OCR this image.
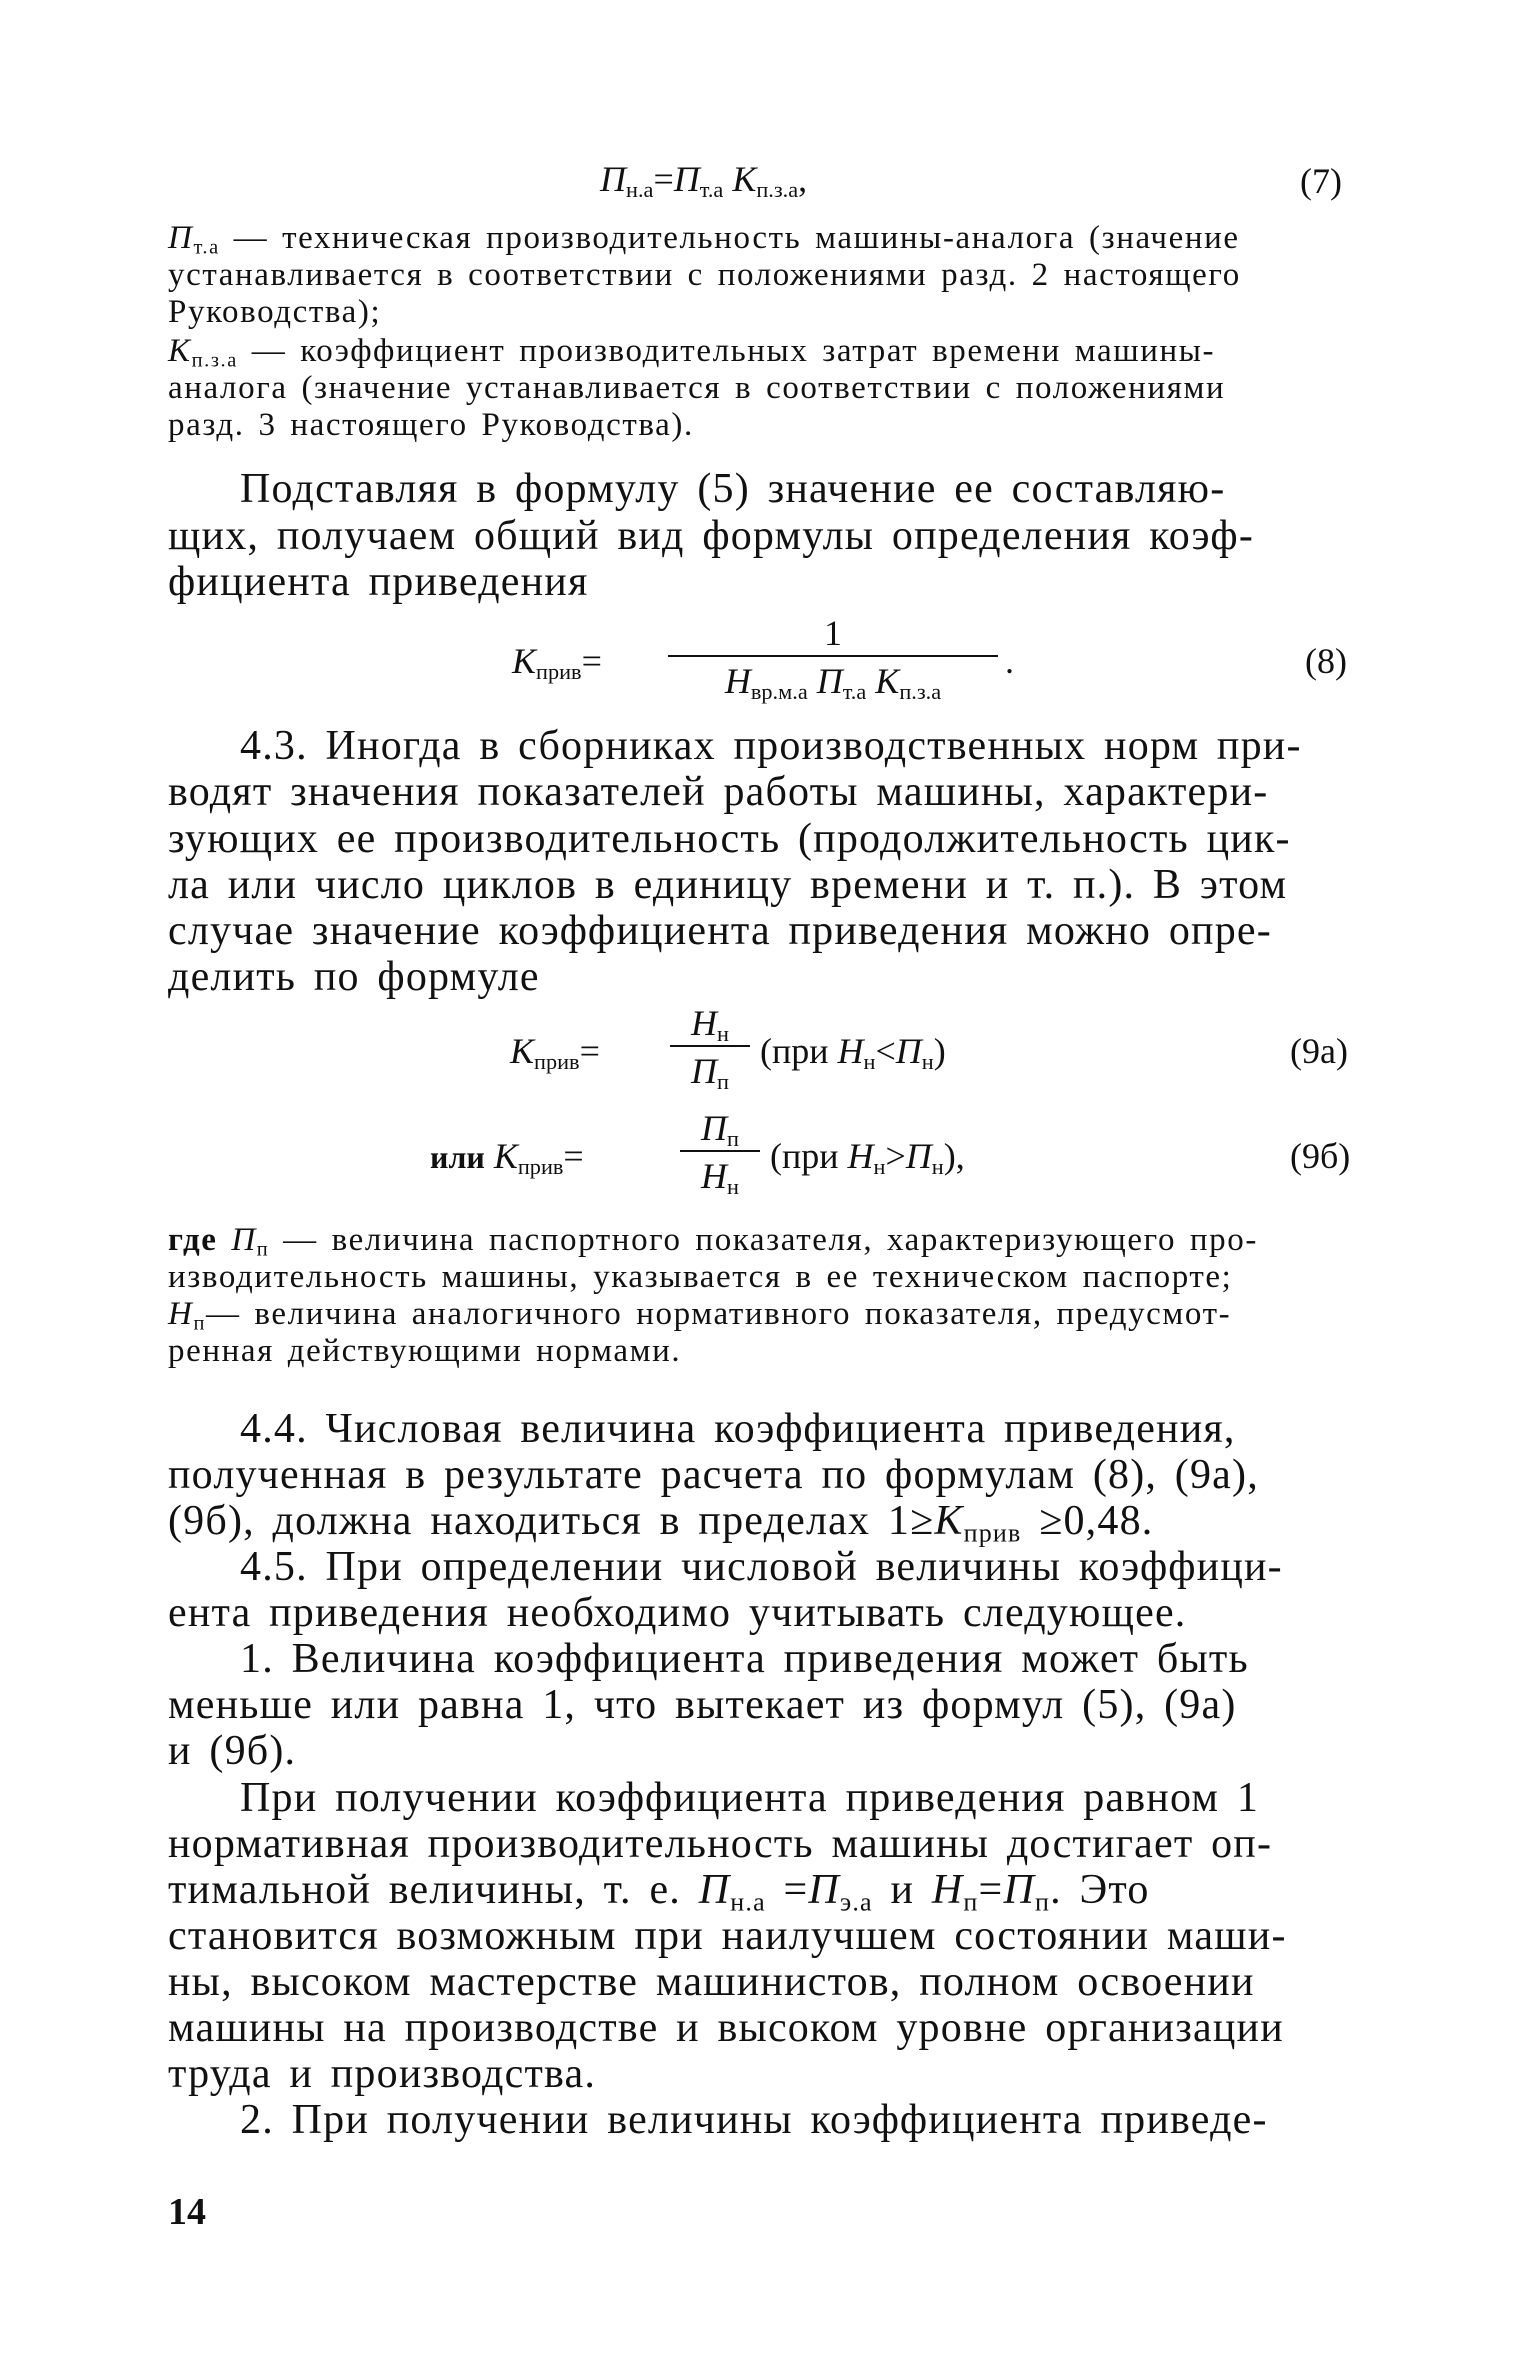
$П_{н.а}=П_{т.а}$ $K_{п.з.а}$,	(7)
$П_{т.а}$ — техническая производительность машины-аналога (значение
устанавливается в соответствии с положениями разд. 2 настоящего
Руководства);
$K_{п.з.а}$ — коэффициент производительных затрат времени машины-
аналога (значение устанавливается в соответствии с положениями
разд. 3 настоящего Руководства).
Подставляя в формулу (5) значение ее составляю-
щих, получаем общий вид формулы определения коэф-
фициента приведения
$K_{прив}=$
1
$Н_{вр.м.а}$ $П_{т.а}$ $K_{п.з.а}$
.	(8)
4.3. Иногда в сборниках производственных норм при-
водят значения показателей работы машины, характери-
зующих ее производительность (продолжительность цик-
ла или число циклов в единицу времени и т. п.). В этом
случае значение коэффициента приведения можно опре-
делить по формуле
$K_{прив}=$
$Н_н$
$П_п$
(при $Н_н<П_н$)	(9а)
или $K_{прив}=$
$П_п$
$Н_н$
(при $Н_н>П_н$),	(9б)
где $П_п$ — величина паспортного показателя, характеризующего про-
изводительность машины, указывается в ее техническом паспорте;
$Н_п—$ величина аналогичного нормативного показателя, предусмот-
ренная действующими нормами.
4.4. Числовая величина коэффициента приведения,
полученная в результате расчета по формулам (8), (9а),
(9б), должна находиться в пределах $1\ge K_{прив} \ge 0,48$.
4.5. При определении числовой величины коэффици-
ента приведения необходимо учитывать следующее.
1. Величина коэффициента приведения может быть
меньше или равна 1, что вытекает из формул (5), (9а)
и (9б).
При получении коэффициента приведения равном 1
нормативная производительность машины достигает оп-
тимальной величины, т. е. $П_{н.а} =П_{э.а}$ и $Н_п=П_п$. Это
становится возможным при наилучшем состоянии маши-
ны, высоком мастерстве машинистов, полном освоении
машины на производстве и высоком уровне организации
труда и производства.
2. При получении величины коэффициента приведе-
14
